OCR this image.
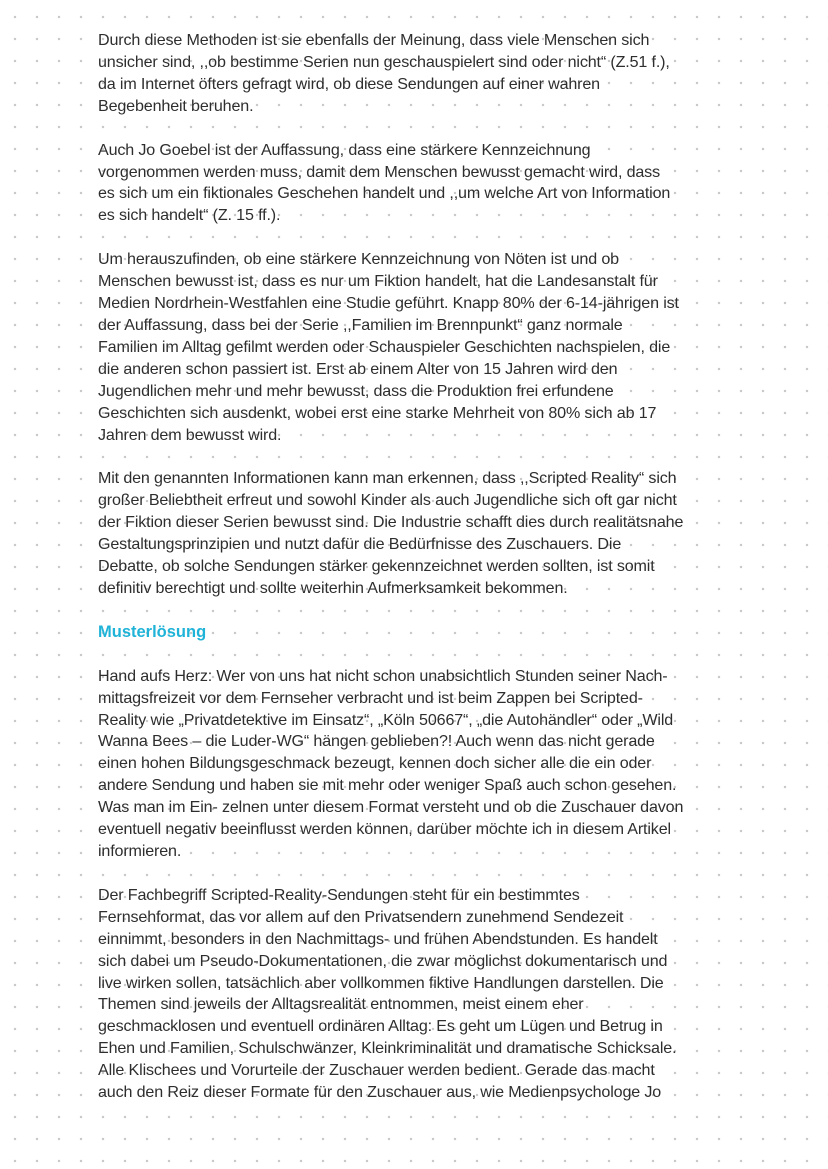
Durch diese Methoden ist sie ebenfalls der Meinung, dass viele Menschen sich
unsicher sind, ,,ob bestimme Serien nun geschauspielert sind oder nicht“ (Z.51 f.),
da im Internet öfters gefragt wird, ob diese Sendungen auf einer wahren
Begebenheit beruhen.

Auch Jo Goebel ist der Auffassung, dass eine stärkere Kennzeichnung
vorgenommen werden muss, damit dem Menschen bewusst gemacht wird, dass
es sich um ein fiktionales Geschehen handelt und ,,um welche Art von Information
es sich handelt“ (Z. 15 ff.).

Um herauszufinden, ob eine stärkere Kennzeichnung von Nöten ist und ob
Menschen bewusst ist, dass es nur um Fiktion handelt, hat die Landesanstalt für
Medien Nordrhein-Westfahlen eine Studie geführt. Knapp 80% der 6-14-jährigen ist
der Auffassung, dass bei der Serie ,,Familien im Brennpunkt“ ganz normale
Familien im Alltag gefilmt werden oder Schauspieler Geschichten nachspielen, die
die anderen schon passiert ist. Erst ab einem Alter von 15 Jahren wird den
Jugendlichen mehr und mehr bewusst, dass die Produktion frei erfundene
Geschichten sich ausdenkt, wobei erst eine starke Mehrheit von 80% sich ab 17
Jahren dem bewusst wird.

Mit den genannten Informationen kann man erkennen, dass ,,Scripted Reality“ sich
großer Beliebtheit erfreut und sowohl Kinder als auch Jugendliche sich oft gar nicht
der Fiktion dieser Serien bewusst sind. Die Industrie schafft dies durch realitätsnahe
Gestaltungsprinzipien und nutzt dafür die Bedürfnisse des Zuschauers. Die
Debatte, ob solche Sendungen stärker gekennzeichnet werden sollten, ist somit
definitiv berechtigt und sollte weiterhin Aufmerksamkeit bekommen.

Musterlösung

Hand aufs Herz: Wer von uns hat nicht schon unabsichtlich Stunden seiner Nach-
mittagsfreizeit vor dem Fernseher verbracht und ist beim Zappen bei Scripted-
Reality wie „Privatdetektive im Einsatz“, „Köln 50667“, „die Autohändler“ oder „Wild
Wanna Bees – die Luder-WG“ hängen geblieben?! Auch wenn das nicht gerade
einen hohen Bildungsgeschmack bezeugt, kennen doch sicher alle die ein oder
andere Sendung und haben sie mit mehr oder weniger Spaß auch schon gesehen.
Was man im Ein- zelnen unter diesem Format versteht und ob die Zuschauer davon
eventuell negativ beeinflusst werden können, darüber möchte ich in diesem Artikel
informieren.

Der Fachbegriff Scripted-Reality-Sendungen steht für ein bestimmtes
Fernsehformat, das vor allem auf den Privatsendern zunehmend Sendezeit
einnimmt, besonders in den Nachmittags- und frühen Abendstunden. Es handelt
sich dabei um Pseudo-Dokumentationen, die zwar möglichst dokumentarisch und
live wirken sollen, tatsächlich aber vollkommen fiktive Handlungen darstellen. Die
Themen sind jeweils der Alltagsrealität entnommen, meist einem eher
geschmacklosen und eventuell ordinären Alltag: Es geht um Lügen und Betrug in
Ehen und Familien, Schulschwänzer, Kleinkriminalität und dramatische Schicksale.
Alle Klischees und Vorurteile der Zuschauer werden bedient. Gerade das macht
auch den Reiz dieser Formate für den Zuschauer aus, wie Medienpsychologe Jo
